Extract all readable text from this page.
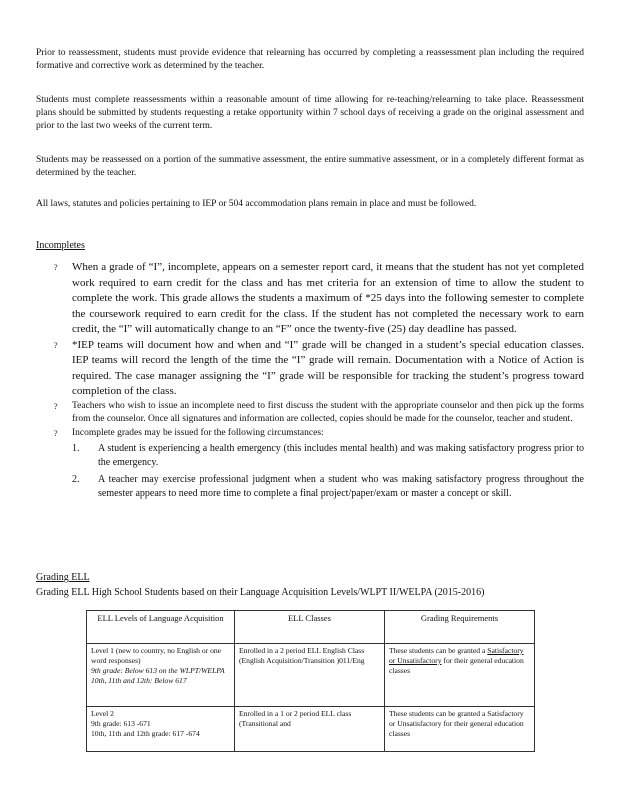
Prior to reassessment, students must provide evidence that relearning has occurred by completing a reassessment plan including the required formative and corrective work as determined by the teacher.

Students must complete reassessments within a reasonable amount of time allowing for re-teaching/relearning to take place. Reassessment plans should be submitted by students requesting a retake opportunity within 7 school days of receiving a grade on the original assessment and prior to the last two weeks of the current term.

Students may be reassessed on a portion of the summative assessment, the entire summative assessment, or in a completely different format as determined by the teacher.

All laws, statutes and policies pertaining to IEP or 504 accommodation plans remain in place and must be followed.

Incompletes

? When a grade of “I”, incomplete, appears on a semester report card, it means that the student has not yet completed work required to earn credit for the class and has met criteria for an extension of time to allow the student to complete the work. This grade allows the students a maximum of *25 days into the following semester to complete the coursework required to earn credit for the class. If the student has not completed the necessary work to earn credit, the “I” will automatically change to an “F” once the twenty-five (25) day deadline has passed.
? *IEP teams will document how and when and “I” grade will be changed in a student’s special education classes. IEP teams will record the length of the time the “I” grade will remain. Documentation with a Notice of Action is required. The case manager assigning the “I” grade will be responsible for tracking the student’s progress toward completion of the class.
? Teachers who wish to issue an incomplete need to first discuss the student with the appropriate counselor and then pick up the forms from the counselor. Once all signatures and information are collected, copies should be made for the counselor, teacher and student.
? Incomplete grades may be issued for the following circumstances:
1. A student is experiencing a health emergency (this includes mental health) and was making satisfactory progress prior to the emergency.
2. A teacher may exercise professional judgment when a student who was making satisfactory progress throughout the semester appears to need more time to complete a final project/paper/exam or master a concept or skill.

Grading ELL

Grading ELL High School Students based on their Language Acquisition Levels/WLPT II/WELPA (2015-2016)

ELL Levels of Language Acquisition	ELL Classes	Grading Requirements

Level 1 (new to country, no English or one word responses)
9th grade: Below 613 on the WLPT/WELPA
10th, 11th and 12th: Below 617	Enrolled in a 2 period ELL English Class (English Acquisition/Transition )011/Eng	These students can be granted a Satisfactory or Unsatisfactory for their general education classes

Level 2
9th grade: 613 -671
10th, 11th and 12th grade: 617 -674	Enrolled in a 1 or 2 period ELL class (Transitional and	These students can be granted a Satisfactory or Unsatisfactory for their general education classes
